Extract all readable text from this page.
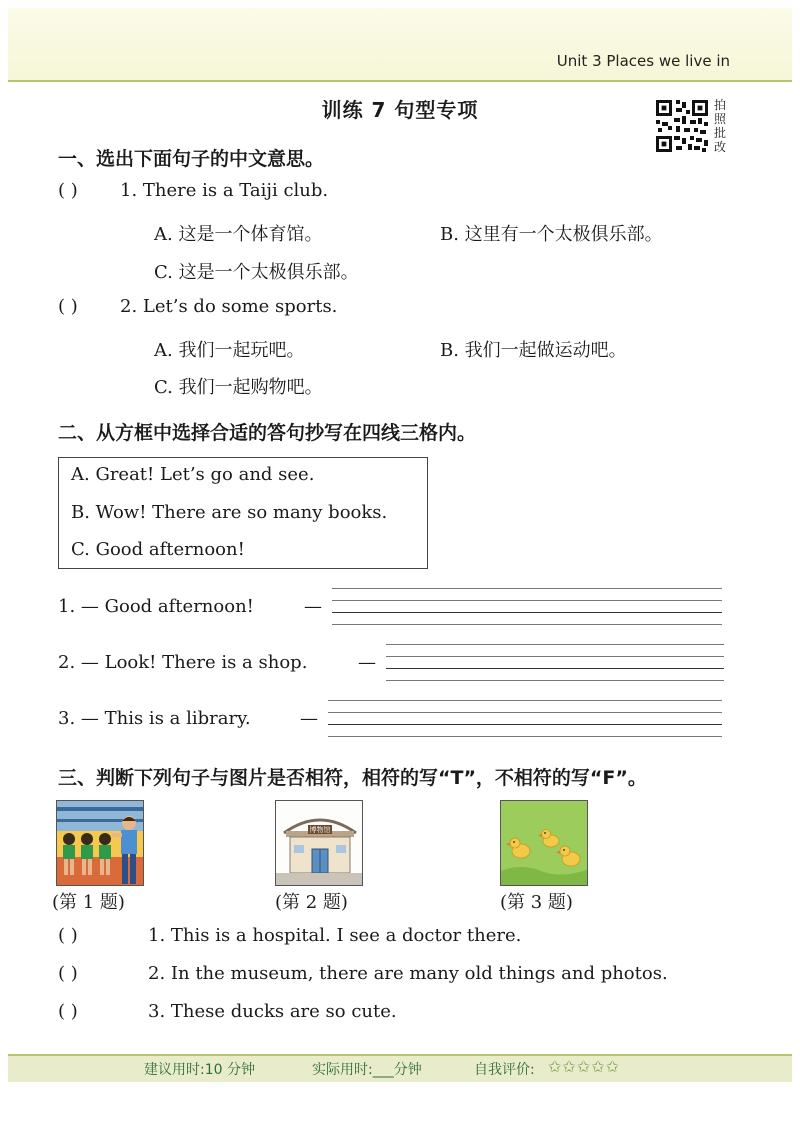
Unit 3 Places we live in
训练 7 句型专项	拍照批改
一、选出下面句子的中文意思。
( ) 1. There is a Taiji club.
A. 这是一个体育馆。	B. 这里有一个太极俱乐部。
C. 这是一个太极俱乐部。
( ) 2. Let’s do some sports.
A. 我们一起玩吧。	B. 我们一起做运动吧。
C. 我们一起购物吧。
二、从方框中选择合适的答句抄写在四线三格内。
A. Great! Let’s go and see.
B. Wow! There are so many books.
C. Good afternoon!
1. — Good afternoon!	—
2. — Look! There is a shop.	—
3. — This is a library.	—
三、判断下列句子与图片是否相符，相符的写“T”，不相符的写“F”。
博物馆
(第 1 题)	(第 2 题)	(第 3 题)
( )	1. This is a hospital. I see a doctor there.
( )	2. In the museum, there are many old things and photos.
( )	3. These ducks are so cute.
建议用时:10 分钟	实际用时:___分钟	自我评价: ✩✩✩✩✩
